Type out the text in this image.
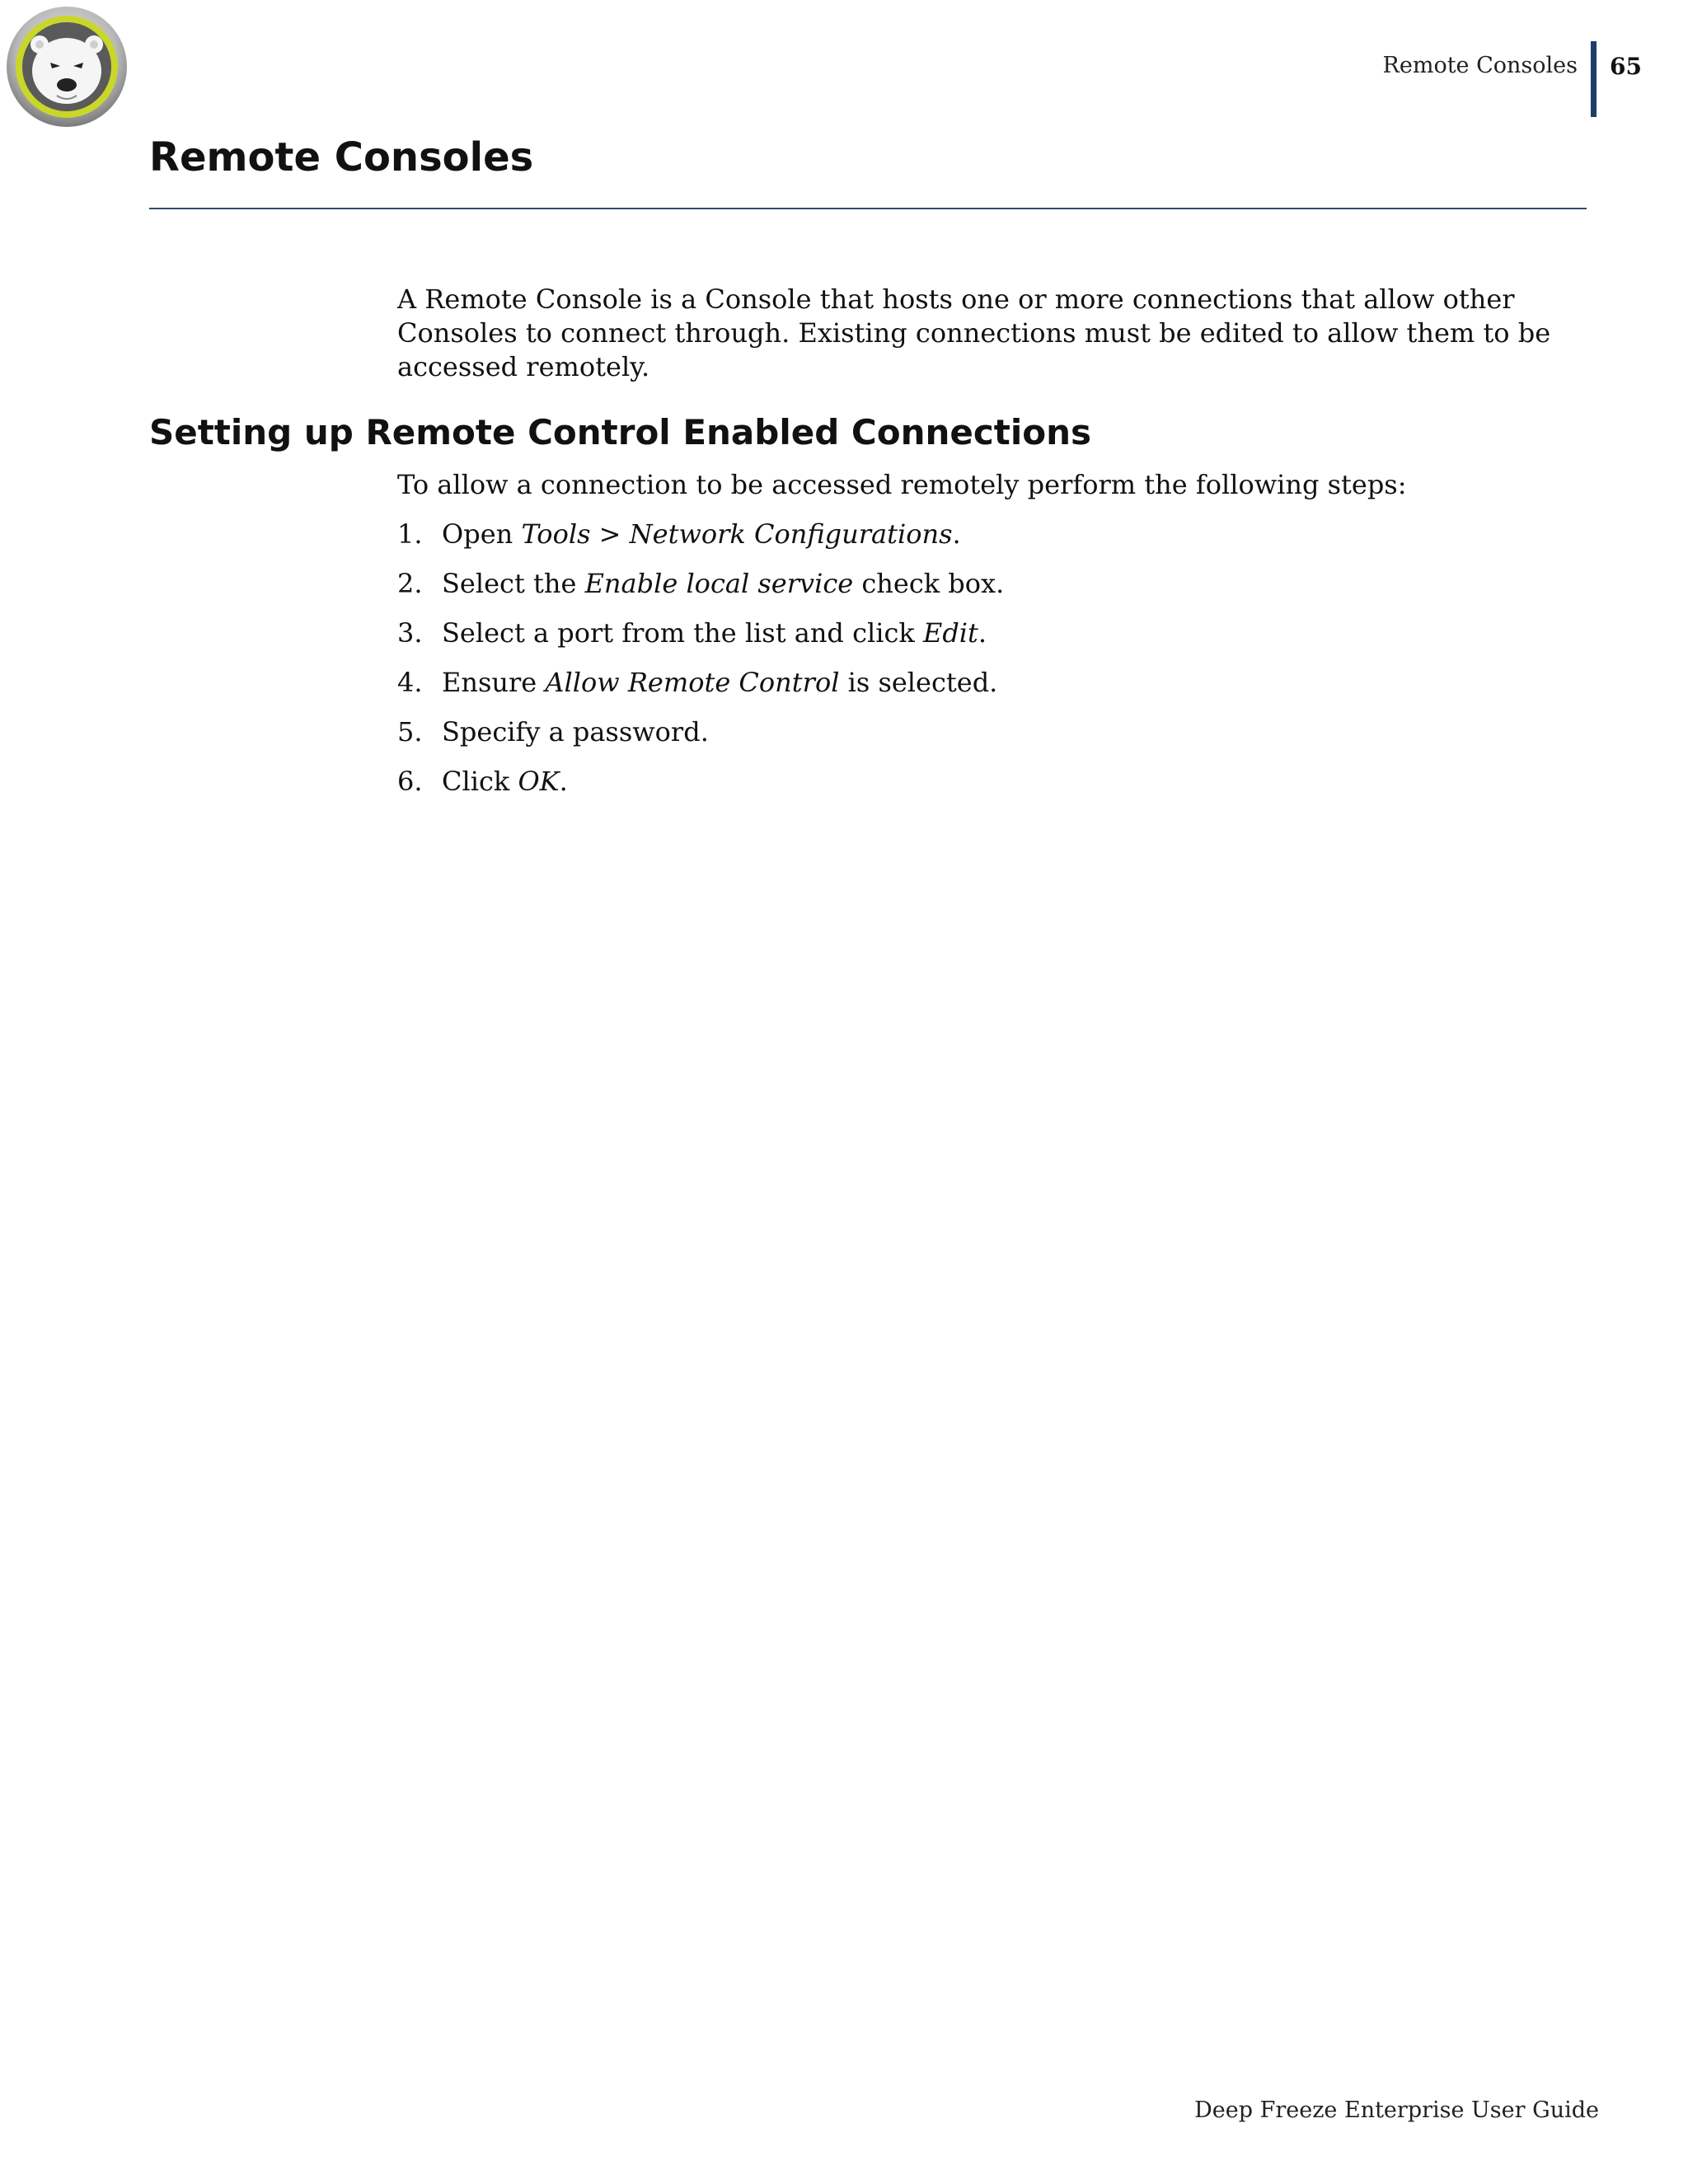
Remote Consoles 65
Remote Consoles

A Remote Console is a Console that hosts one or more connections that allow other Consoles to connect through. Existing connections must be edited to allow them to be accessed remotely.

Setting up Remote Control Enabled Connections

To allow a connection to be accessed remotely perform the following steps:

1. Open Tools > Network Configurations.
2. Select the Enable local service check box.
3. Select a port from the list and click Edit.
4. Ensure Allow Remote Control is selected.
5. Specify a password.
6. Click OK.
Deep Freeze Enterprise User Guide
